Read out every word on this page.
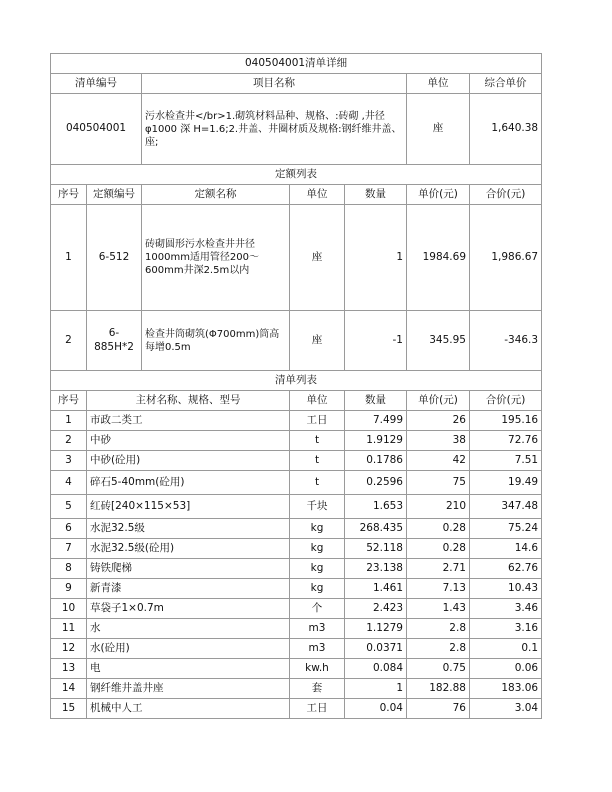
040504001清单详细						
清单编号		项目名称			单位	综合单价
040504001		污水检查井</br>1.砌筑材料品种、规格、:砖砌 ,井径φ1000 深 H=1.6;2.井盖、井圈材质及规格:钢纤维井盖、座;			座	1,640.38
定额列表						
序号	定额编号	定额名称	单位	数量	单价(元)	合价(元)
1	6-512	砖砌圆形污水检查井井径1000mm适用管径200～600mm井深2.5m以内	座	1	1984.69	1,986.67
2	6-885H*2	检查井筒砌筑(Φ700mm)筒高每增0.5m	座	-1	345.95	-346.3
清单列表						
序号	主材名称、规格、型号		单位	数量	单价(元)	合价(元)
1	市政二类工		工日	7.499	26	195.16
2	中砂		t	1.9129	38	72.76
3	中砂(砼用)		t	0.1786	42	7.51
4	碎石5-40mm(砼用)		t	0.2596	75	19.49
5	红砖[240×115×53]		千块	1.653	210	347.48
6	水泥32.5级		kg	268.435	0.28	75.24
7	水泥32.5级(砼用)		kg	52.118	0.28	14.6
8	铸铁爬梯		kg	23.138	2.71	62.76
9	新青漆		kg	1.461	7.13	10.43
10	草袋子1×0.7m		个	2.423	1.43	3.46
11	水		m3	1.1279	2.8	3.16
12	水(砼用)		m3	0.0371	2.8	0.1
13	电		kw.h	0.084	0.75	0.06
14	钢纤维井盖井座		套	1	182.88	183.06
15	机械中人工		工日	0.04	76	3.04
